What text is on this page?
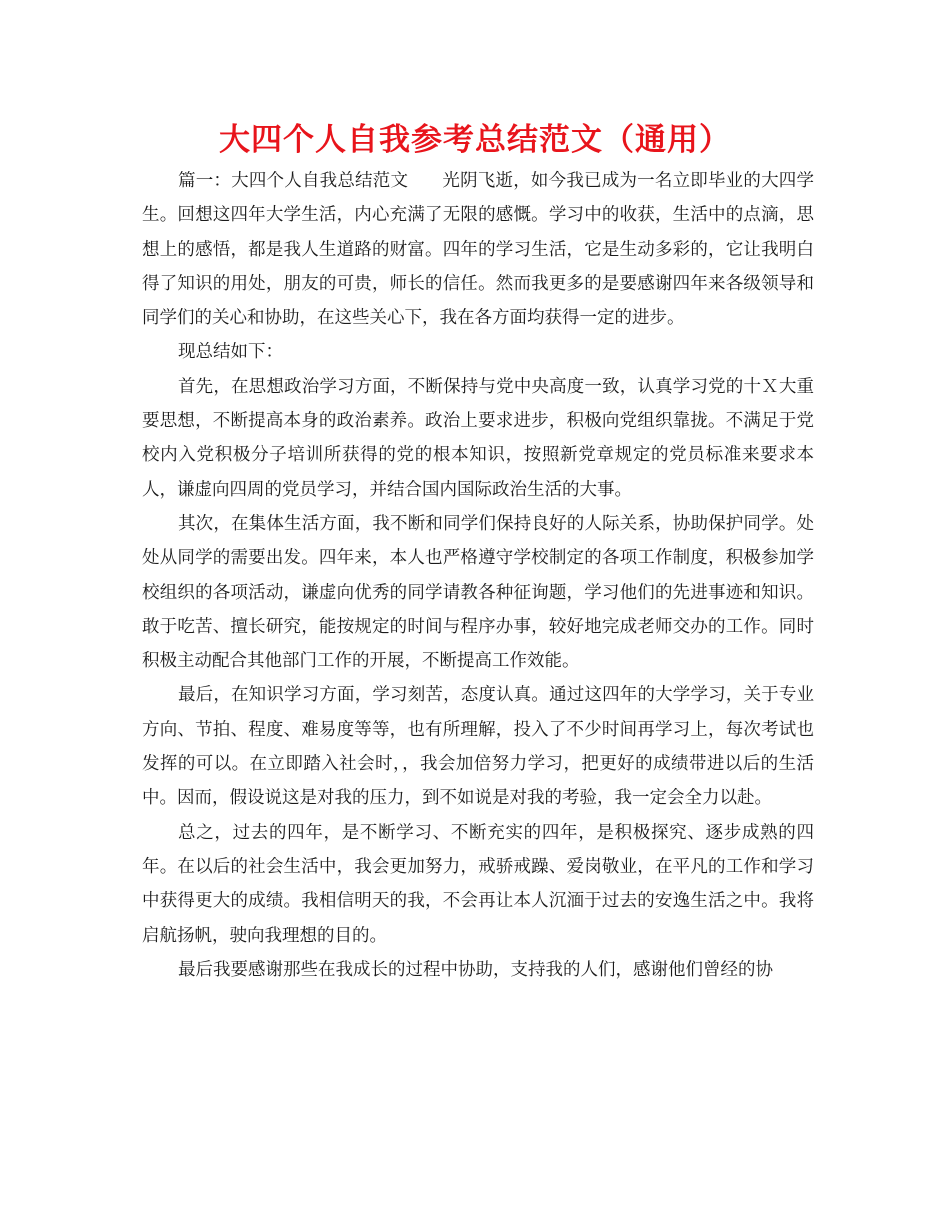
大四个人自我参考总结范文（通用）

篇一：大四个人自我总结范文 光阴飞逝，如今我已成为一名立即毕业的大四学生。回想这四年大学生活，内心充满了无限的感慨。学习中的收获，生活中的点滴，思想上的感悟，都是我人生道路的财富。四年的学习生活，它是生动多彩的，它让我明白得了知识的用处，朋友的可贵，师长的信任。然而我更多的是要感谢四年来各级领导和同学们的关心和协助，在这些关心下，我在各方面均获得一定的进步。

现总结如下：

首先，在思想政治学习方面，不断保持与党中央高度一致，认真学习党的十Ｘ大重要思想，不断提高本身的政治素养。政治上要求进步，积极向党组织靠拢。不满足于党校内入党积极分子培训所获得的党的根本知识，按照新党章规定的党员标准来要求本人，谦虚向四周的党员学习，并结合国内国际政治生活的大事。

其次，在集体生活方面，我不断和同学们保持良好的人际关系，协助保护同学。处处从同学的需要出发。四年来，本人也严格遵守学校制定的各项工作制度，积极参加学校组织的各项活动，谦虚向优秀的同学请教各种征询题，学习他们的先进事迹和知识。敢于吃苦、擅长研究，能按规定的时间与程序办事，较好地完成老师交办的工作。同时积极主动配合其他部门工作的开展，不断提高工作效能。

最后，在知识学习方面，学习刻苦，态度认真。通过这四年的大学学习，关于专业方向、节拍、程度、难易度等等，也有所理解，投入了不少时间再学习上，每次考试也发挥的可以。在立即踏入社会时，，我会加倍努力学习，把更好的成绩带进以后的生活中。因而，假设说这是对我的压力，到不如说是对我的考验，我一定会全力以赴。

总之，过去的四年，是不断学习、不断充实的四年，是积极探究、逐步成熟的四年。在以后的社会生活中，我会更加努力，戒骄戒躁、爱岗敬业，在平凡的工作和学习中获得更大的成绩。我相信明天的我，不会再让本人沉湎于过去的安逸生活之中。我将启航扬帆，驶向我理想的目的。

最后我要感谢那些在我成长的过程中协助，支持我的人们，感谢他们曾经的协
